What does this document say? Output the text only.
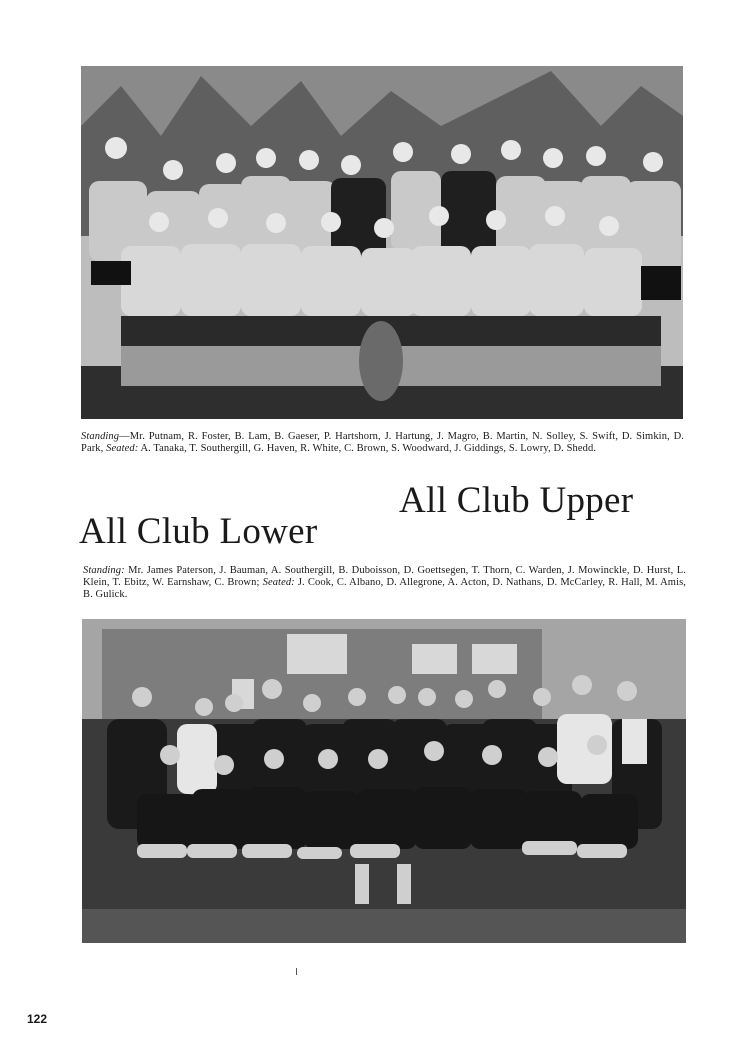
Standing—Mr. Putnam, R. Foster, B. Lam, B. Gaeser, P. Hartshorn, J. Hartung, J. Magro, B. Martin, N. Solley, S. Swift, D. Simkin, D. Park, Seated: A. Tanaka, T. Southergill, G. Haven, R. White, C. Brown, S. Woodward, J. Giddings, S. Lowry, D. Shedd.

All Club Upper
All Club Lower

Standing: Mr. James Paterson, J. Bauman, A. Southergill, B. Duboisson, D. Goettsegen, T. Thorn, C. Warden, J. Mowinckle, D. Hurst, L. Klein, T. Ebitz, W. Earnshaw, C. Brown; Seated: J. Cook, C. Albano, D. Allegrone, A. Acton, D. Nathans, D. McCarley, R. Hall, M. Amis, B. Gulick.

122
